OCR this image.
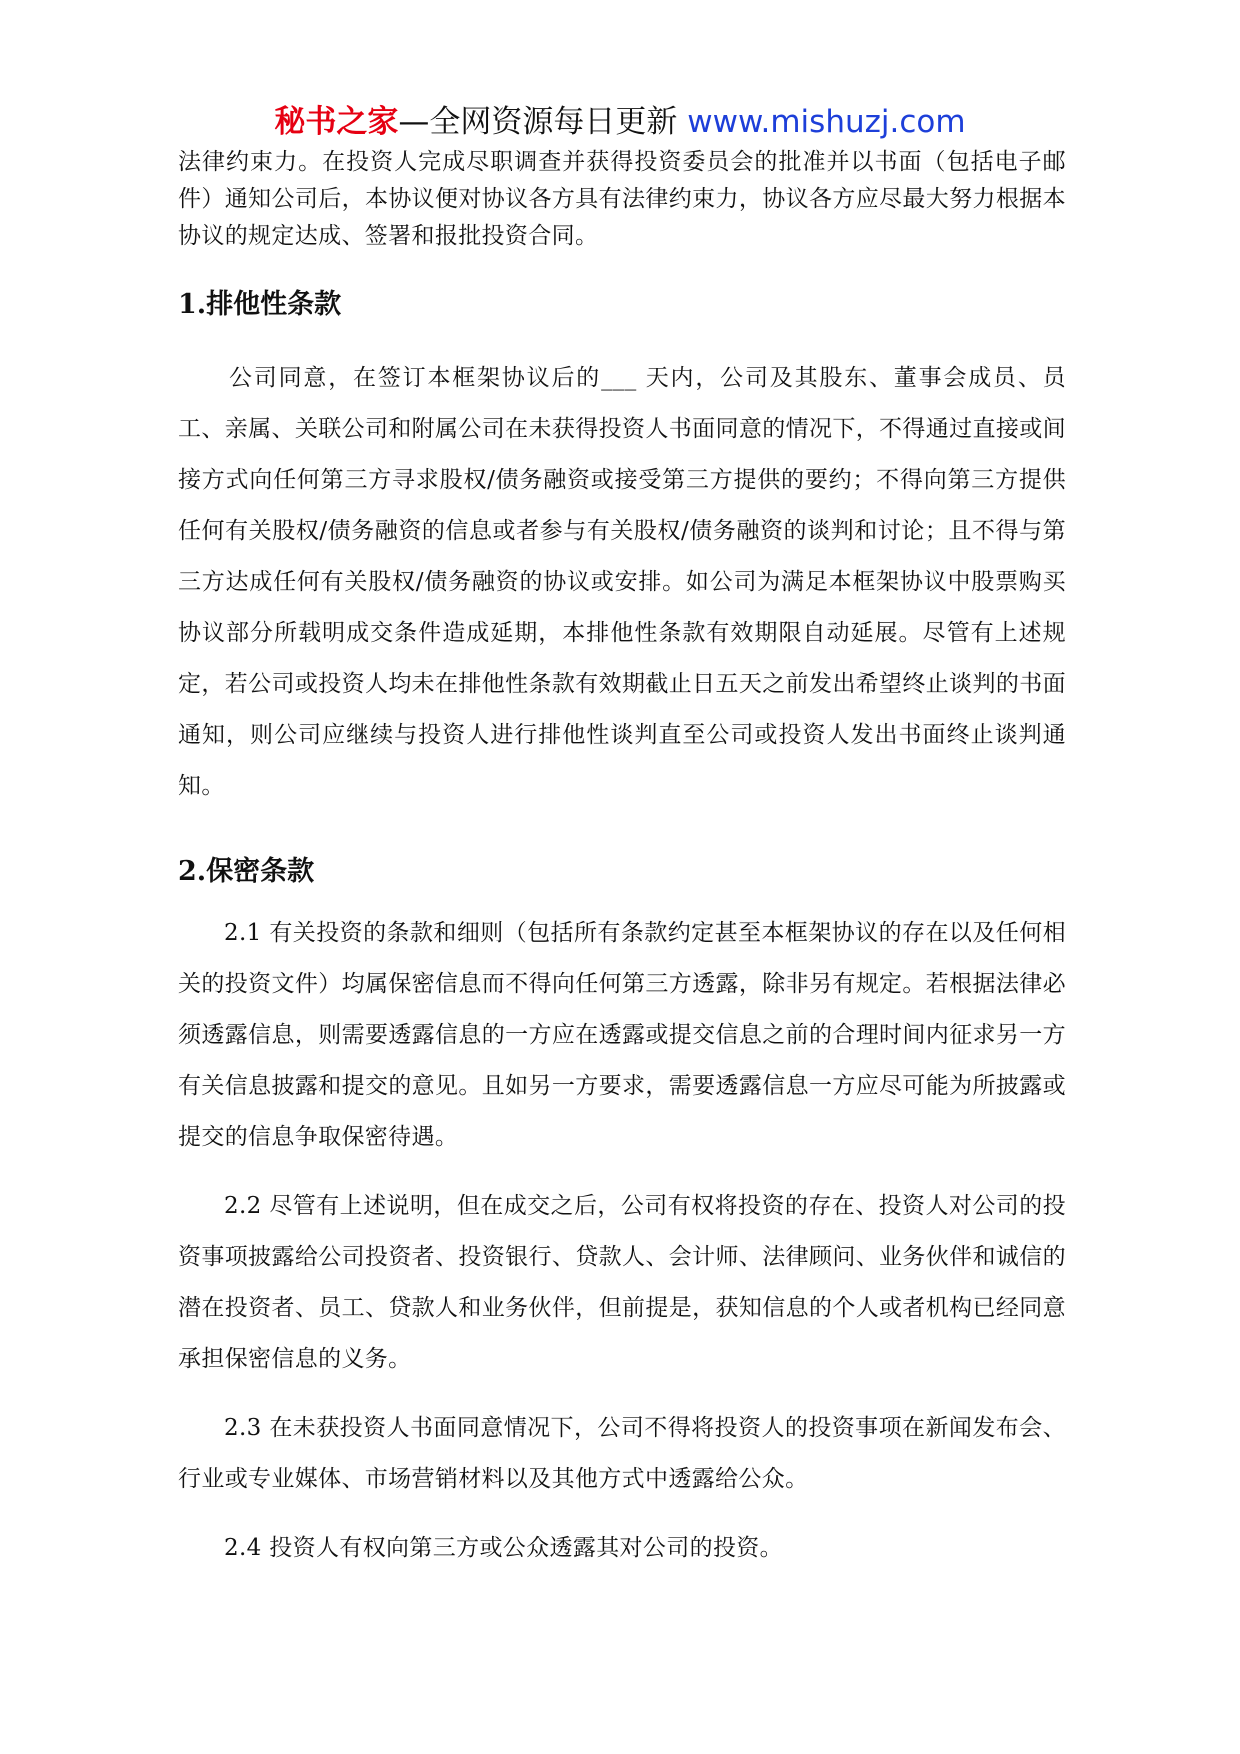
秘书之家—全网资源每日更新 www.mishuzj.com

法律约束力。在投资人完成尽职调查并获得投资委员会的批准并以书面（包括电子邮件）通知公司后，本协议便对协议各方具有法律约束力，协议各方应尽最大努力根据本协议的规定达成、签署和报批投资合同。

1.排他性条款

公司同意，在签订本框架协议后的___ 天内，公司及其股东、董事会成员、员工、亲属、关联公司和附属公司在未获得投资人书面同意的情况下，不得通过直接或间接方式向任何第三方寻求股权/债务融资或接受第三方提供的要约；不得向第三方提供任何有关股权/债务融资的信息或者参与有关股权/债务融资的谈判和讨论；且不得与第三方达成任何有关股权/债务融资的协议或安排。如公司为满足本框架协议中股票购买协议部分所载明成交条件造成延期，本排他性条款有效期限自动延展。尽管有上述规定，若公司或投资人均未在排他性条款有效期截止日五天之前发出希望终止谈判的书面通知，则公司应继续与投资人进行排他性谈判直至公司或投资人发出书面终止谈判通知。

2.保密条款

2.1 有关投资的条款和细则（包括所有条款约定甚至本框架协议的存在以及任何相关的投资文件）均属保密信息而不得向任何第三方透露，除非另有规定。若根据法律必须透露信息，则需要透露信息的一方应在透露或提交信息之前的合理时间内征求另一方有关信息披露和提交的意见。且如另一方要求，需要透露信息一方应尽可能为所披露或提交的信息争取保密待遇。

2.2 尽管有上述说明，但在成交之后，公司有权将投资的存在、投资人对公司的投资事项披露给公司投资者、投资银行、贷款人、会计师、法律顾问、业务伙伴和诚信的潜在投资者、员工、贷款人和业务伙伴，但前提是，获知信息的个人或者机构已经同意承担保密信息的义务。

2.3 在未获投资人书面同意情况下，公司不得将投资人的投资事项在新闻发布会、行业或专业媒体、市场营销材料以及其他方式中透露给公众。

2.4 投资人有权向第三方或公众透露其对公司的投资。
